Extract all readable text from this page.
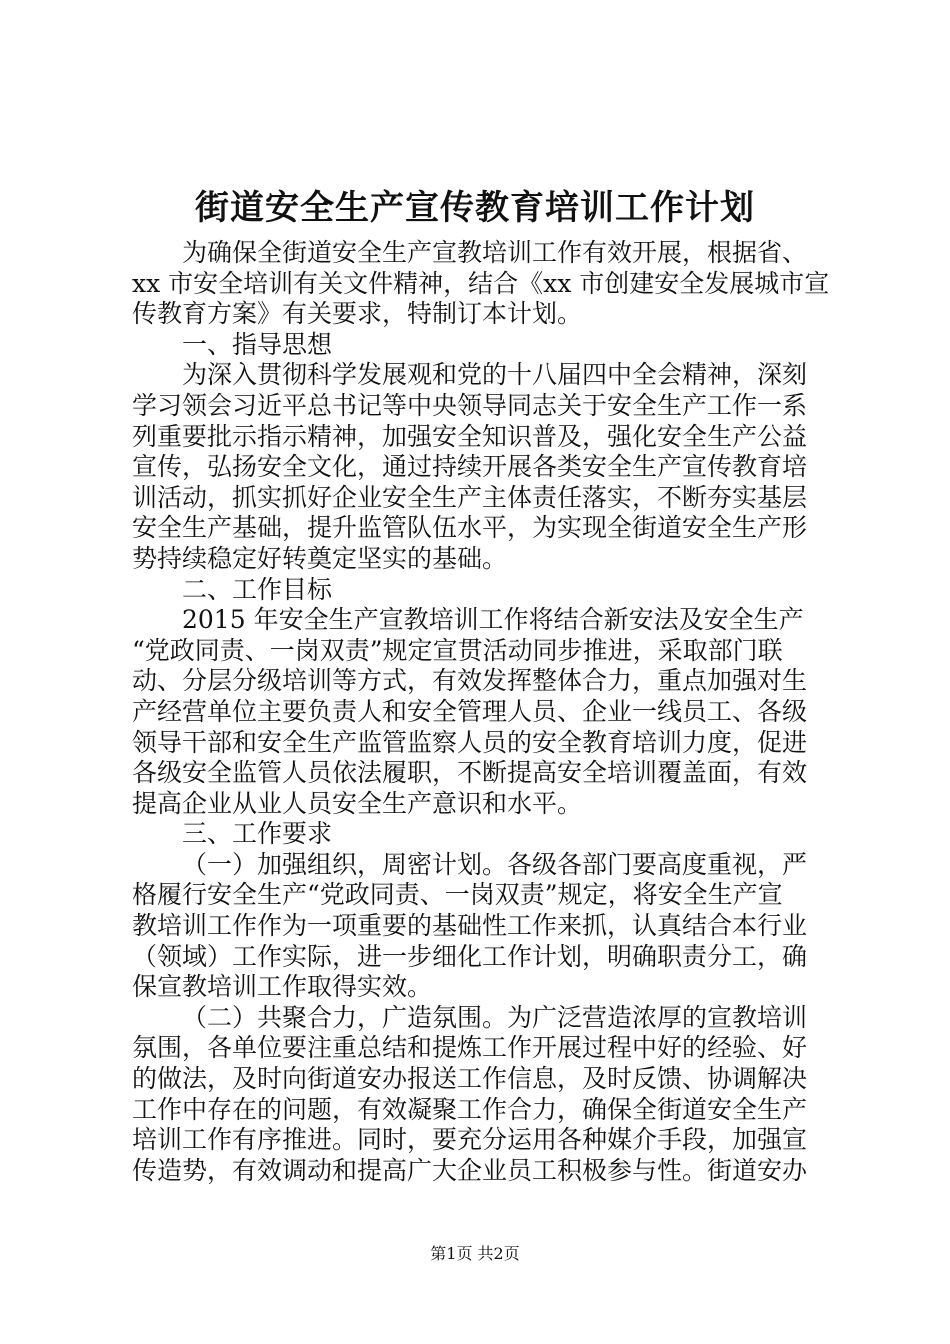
街道安全生产宣传教育培训工作计划
为确保全街道安全生产宣教培训工作有效开展，根据省、
xx 市安全培训有关文件精神，结合《xx 市创建安全发展城市宣
传教育方案》有关要求，特制订本计划。
一、指导思想
为深入贯彻科学发展观和党的十八届四中全会精神，深刻
学习领会习近平总书记等中央领导同志关于安全生产工作一系
列重要批示指示精神，加强安全知识普及，强化安全生产公益
宣传，弘扬安全文化，通过持续开展各类安全生产宣传教育培
训活动，抓实抓好企业安全生产主体责任落实，不断夯实基层
安全生产基础，提升监管队伍水平，为实现全街道安全生产形
势持续稳定好转奠定坚实的基础。
二、工作目标
2015 年安全生产宣教培训工作将结合新安法及安全生产
“党政同责、一岗双责”规定宣贯活动同步推进，采取部门联
动、分层分级培训等方式，有效发挥整体合力，重点加强对生
产经营单位主要负责人和安全管理人员、企业一线员工、各级
领导干部和安全生产监管监察人员的安全教育培训力度，促进
各级安全监管人员依法履职，不断提高安全培训覆盖面，有效
提高企业从业人员安全生产意识和水平。
三、工作要求
（一）加强组织，周密计划。各级各部门要高度重视，严
格履行安全生产“党政同责、一岗双责”规定，将安全生产宣
教培训工作作为一项重要的基础性工作来抓，认真结合本行业
（领域）工作实际，进一步细化工作计划，明确职责分工，确
保宣教培训工作取得实效。
（二）共聚合力，广造氛围。为广泛营造浓厚的宣教培训
氛围，各单位要注重总结和提炼工作开展过程中好的经验、好
的做法，及时向街道安办报送工作信息，及时反馈、协调解决
工作中存在的问题，有效凝聚工作合力，确保全街道安全生产
培训工作有序推进。同时，要充分运用各种媒介手段，加强宣
传造势，有效调动和提高广大企业员工积极参与性。街道安办
第1页 共2页
